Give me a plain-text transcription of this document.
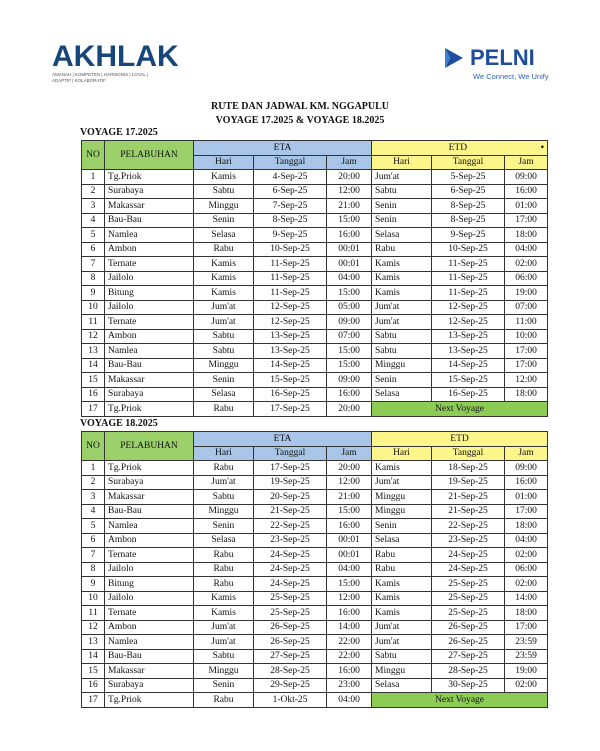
AKHLAK
AMANAH | KOMPETEN | HARMONIS | LOYAL | ADAPTIF | KOLABORATIF
PELNI
We Connect, We Unify
RUTE DAN JADWAL KM. NGGAPULU
VOYAGE 17.2025 & VOYAGE 18.2025
VOYAGE 17.2025
NO	PELABUHAN	ETA			ETD •		

		Hari	Tanggal	Jam	Hari	Tanggal	Jam
1	Tg.Priok	Kamis	4-Sep-25	20:00	Jum'at	5-Sep-25	09:00
2	Surabaya	Sabtu	6-Sep-25	12:00	Sabtu	6-Sep-25	16:00
3	Makassar	Minggu	7-Sep-25	21:00	Senin	8-Sep-25	01:00
4	Bau-Bau	Senin	8-Sep-25	15:00	Senin	8-Sep-25	17:00
5	Namlea	Selasa	9-Sep-25	16:00	Selasa	9-Sep-25	18:00
6	Ambon	Rabu	10-Sep-25	00:01	Rabu	10-Sep-25	04:00
7	Ternate	Kamis	11-Sep-25	00:01	Kamis	11-Sep-25	02:00
8	Jailolo	Kamis	11-Sep-25	04:00	Kamis	11-Sep-25	06:00
9	Bitung	Kamis	11-Sep-25	15:00	Kamis	11-Sep-25	19:00
10	Jailolo	Jum'at	12-Sep-25	05:00	Jum'at	12-Sep-25	07:00
11	Ternate	Jum'at	12-Sep-25	09:00	Jum'at	12-Sep-25	11:00
12	Ambon	Sabtu	13-Sep-25	07:00	Sabtu	13-Sep-25	10:00
13	Namlea	Sabtu	13-Sep-25	15:00	Sabtu	13-Sep-25	17:00
14	Bau-Bau	Minggu	14-Sep-25	15:00	Minggu	14-Sep-25	17:00
15	Makassar	Senin	15-Sep-25	09:00	Senin	15-Sep-25	12:00
16	Surabaya	Selasa	16-Sep-25	16:00	Selasa	16-Sep-25	18:00
17	Tg.Priok	Rabu	17-Sep-25	20:00	Next Voyage		
VOYAGE 18.2025
NO	PELABUHAN	ETA			ETD		
		Hari	Tanggal	Jam	Hari	Tanggal	Jam
1	Tg.Priok	Rabu	17-Sep-25	20:00	Kamis	18-Sep-25	09:00
2	Surabaya	Jum'at	19-Sep-25	12:00	Jum'at	19-Sep-25	16:00
3	Makassar	Sabtu	20-Sep-25	21:00	Minggu	21-Sep-25	01:00
4	Bau-Bau	Minggu	21-Sep-25	15:00	Minggu	21-Sep-25	17:00
5	Namlea	Senin	22-Sep-25	16:00	Senin	22-Sep-25	18:00
6	Ambon	Selasa	23-Sep-25	00:01	Selasa	23-Sep-25	04:00
7	Ternate	Rabu	24-Sep-25	00:01	Rabu	24-Sep-25	02:00
8	Jailolo	Rabu	24-Sep-25	04:00	Rabu	24-Sep-25	06:00
9	Bitung	Rabu	24-Sep-25	15:00	Kamis	25-Sep-25	02:00
10	Jailolo	Kamis	25-Sep-25	12:00	Kamis	25-Sep-25	14:00
11	Ternate	Kamis	25-Sep-25	16:00	Kamis	25-Sep-25	18:00
12	Ambon	Jum'at	26-Sep-25	14:00	Jum'at	26-Sep-25	17:00
13	Namlea	Jum'at	26-Sep-25	22:00	Jum'at	26-Sep-25	23:59
14	Bau-Bau	Sabtu	27-Sep-25	22:00	Sabtu	27-Sep-25	23:59
15	Makassar	Minggu	28-Sep-25	16:00	Minggu	28-Sep-25	19:00
16	Surabaya	Senin	29-Sep-25	23:00	Selasa	30-Sep-25	02:00
17	Tg.Priok	Rabu	1-Okt-25	04:00	Next Voyage		
